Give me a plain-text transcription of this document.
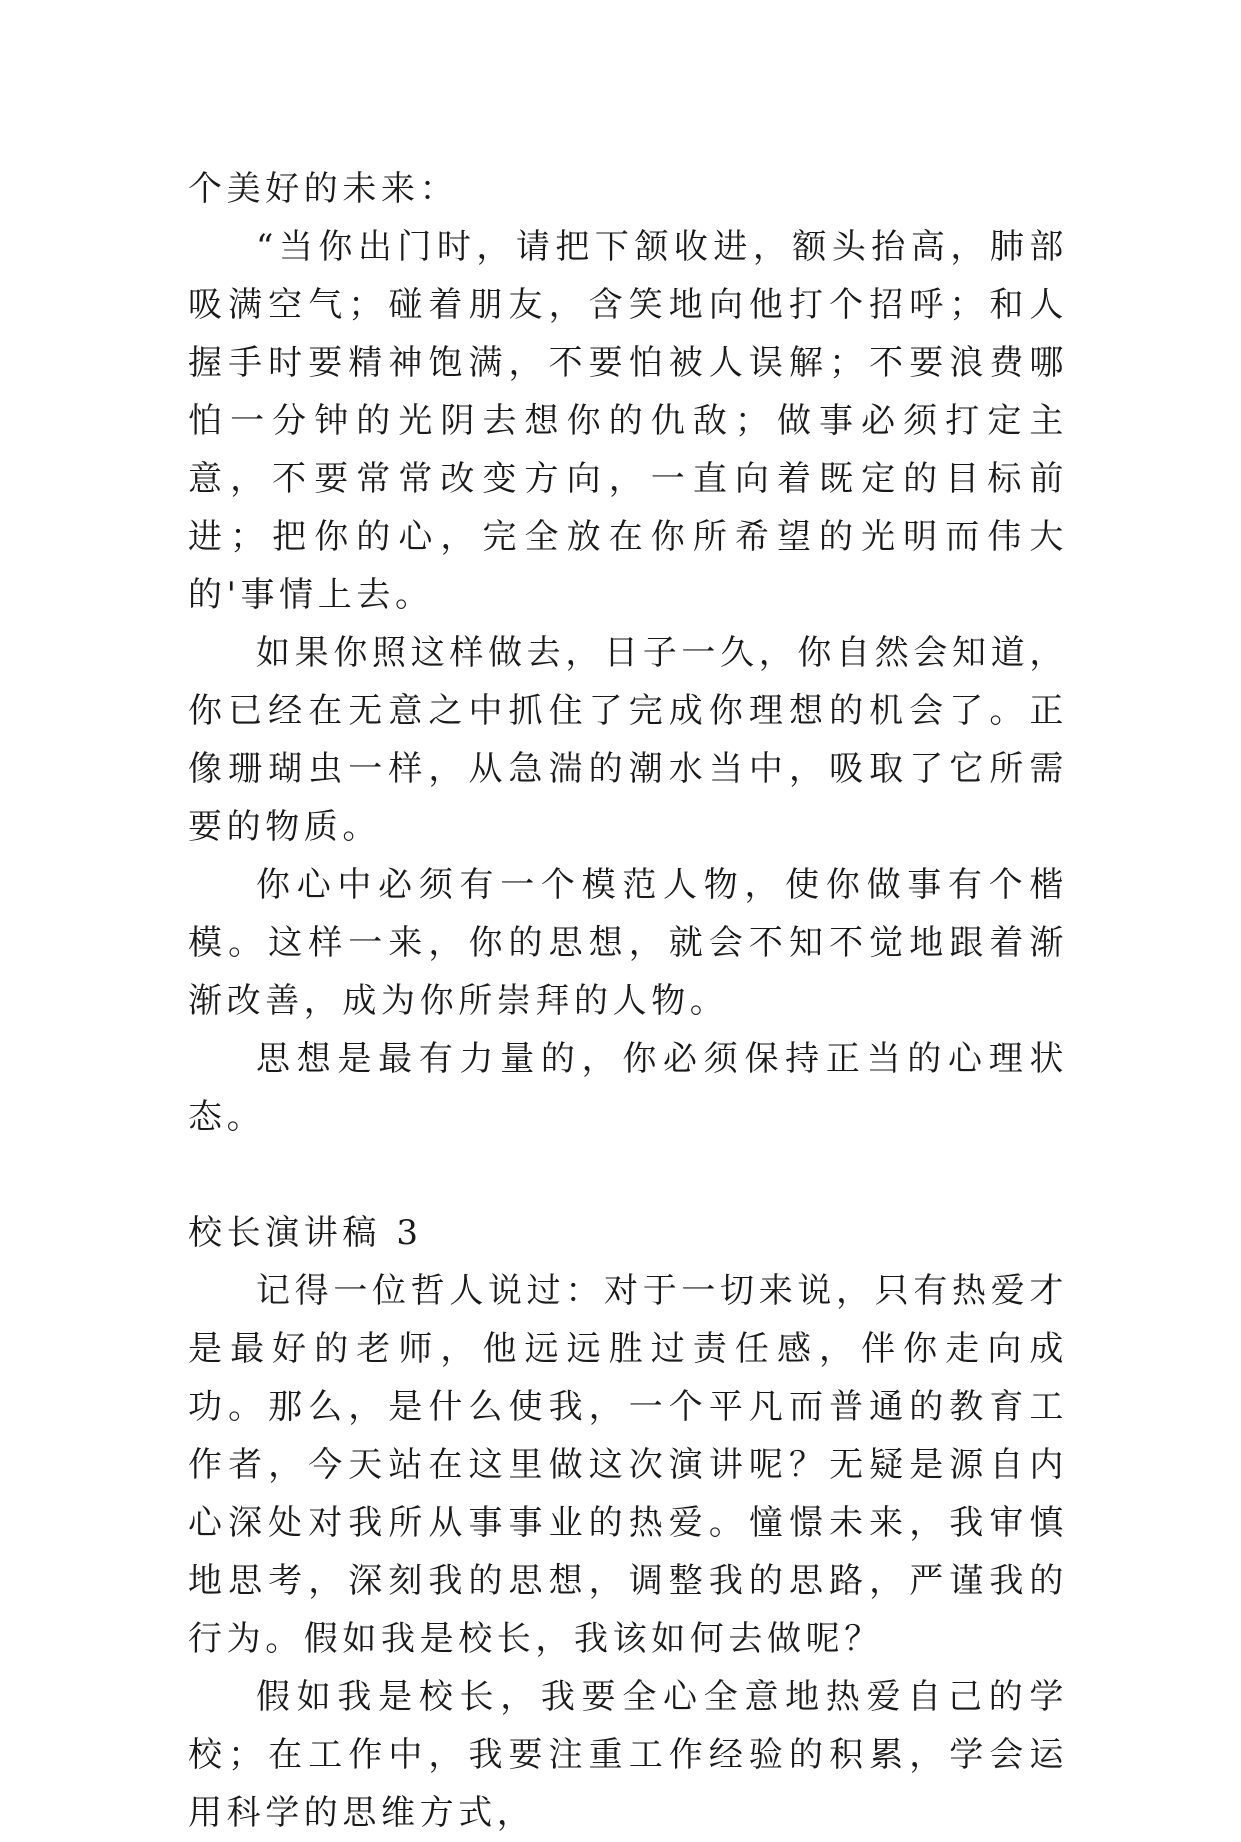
个美好的未来：

“当你出门时，请把下颔收进，额头抬高，肺部吸满空气；碰着朋友，含笑地向他打个招呼；和人握手时要精神饱满，不要怕被人误解；不要浪费哪怕一分钟的光阴去想你的仇敌；做事必须打定主意，不要常常改变方向，一直向着既定的目标前进；把你的心，完全放在你所希望的光明而伟大的'事情上去。

如果你照这样做去，日子一久，你自然会知道，你已经在无意之中抓住了完成你理想的机会了。正像珊瑚虫一样，从急湍的潮水当中，吸取了它所需要的物质。

你心中必须有一个模范人物，使你做事有个楷模。这样一来，你的思想，就会不知不觉地跟着渐渐改善，成为你所崇拜的人物。

思想是最有力量的，你必须保持正当的心理状态。

校长演讲稿 3

记得一位哲人说过：对于一切来说，只有热爱才是最好的老师，他远远胜过责任感，伴你走向成功。那么，是什么使我，一个平凡而普通的教育工作者，今天站在这里做这次演讲呢？无疑是源自内心深处对我所从事事业的热爱。憧憬未来，我审慎地思考，深刻我的思想，调整我的思路，严谨我的行为。假如我是校长，我该如何去做呢？

假如我是校长，我要全心全意地热爱自己的学校；在工作中，我要注重工作经验的积累，学会运用科学的思维方式，
